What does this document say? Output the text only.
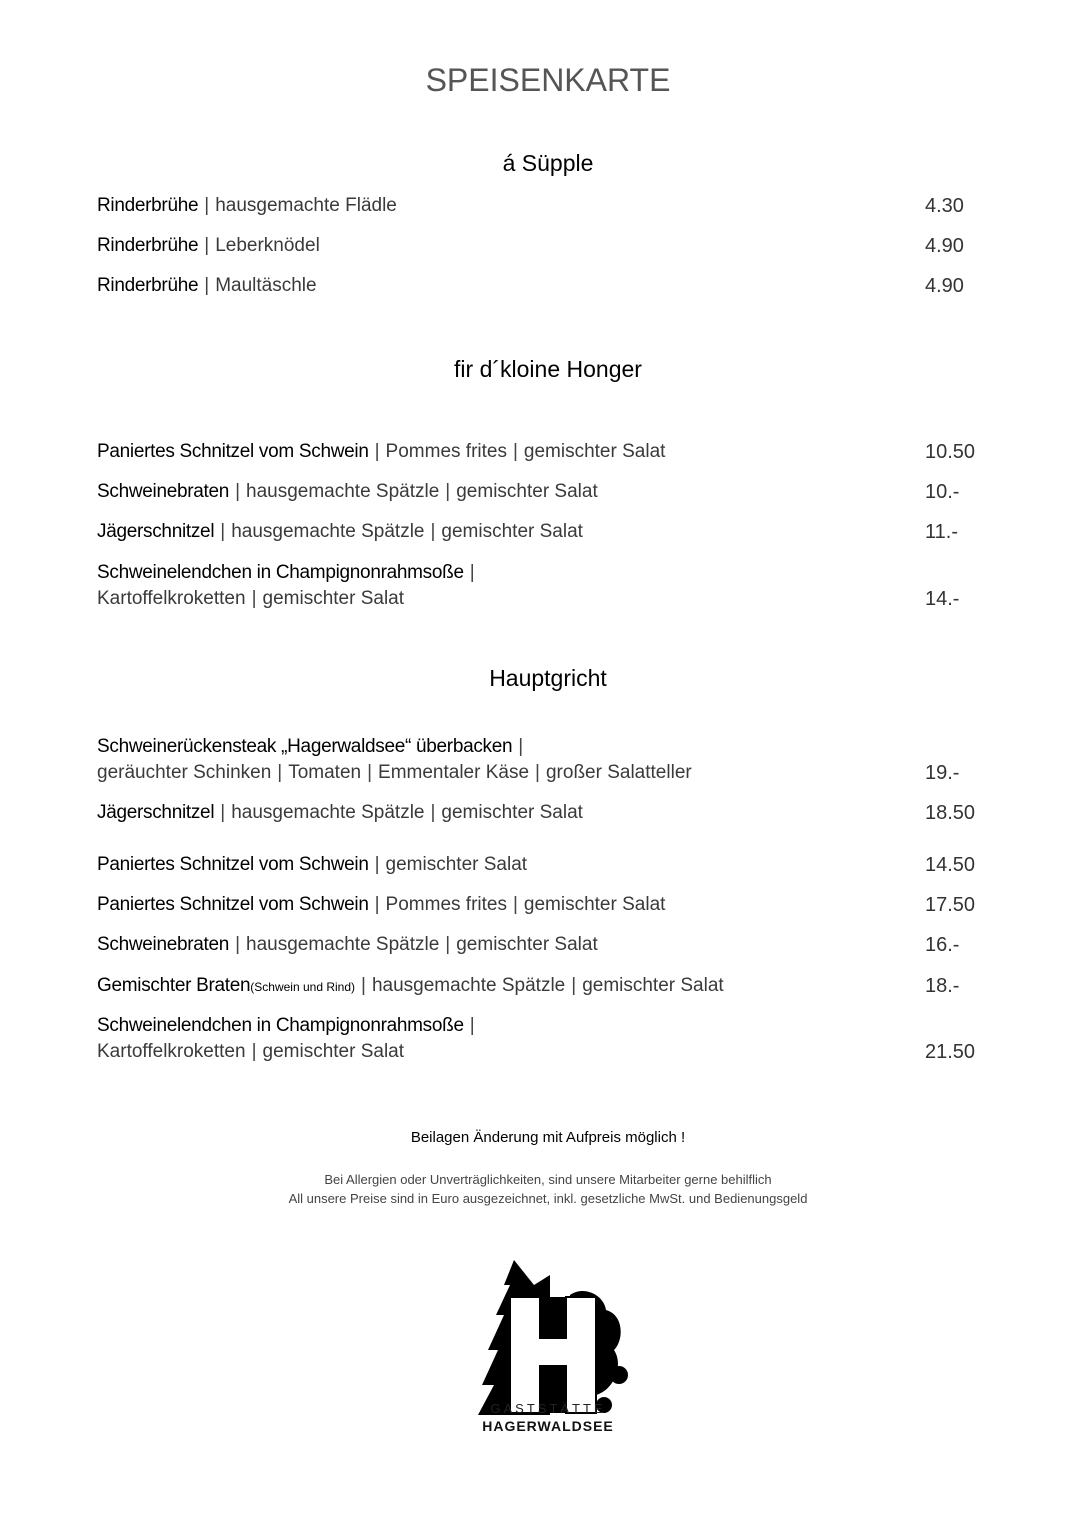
SPEISENKARTE
á Süpple
Rinderbrühe | hausgemachte Flädle	4.30
Rinderbrühe | Leberknödel	4.90
Rinderbrühe | Maultäschle	4.90
fir d´kloine Honger
Paniertes Schnitzel vom Schwein | Pommes frites | gemischter Salat	10.50
Schweinebraten | hausgemachte Spätzle | gemischter Salat	10.-
Jägerschnitzel | hausgemachte Spätzle | gemischter Salat	11.-
Schweinelendchen in Champignonrahmsoße |
Kartoffelkroketten | gemischter Salat	14.-
Hauptgricht
Schweinerückensteak „Hagerwaldsee“ überbacken |
geräuchter Schinken | Tomaten | Emmentaler Käse | großer Salatteller	19.-
Jägerschnitzel | hausgemachte Spätzle | gemischter Salat	18.50
Paniertes Schnitzel vom Schwein | gemischter Salat	14.50
Paniertes Schnitzel vom Schwein | Pommes frites | gemischter Salat	17.50
Schweinebraten | hausgemachte Spätzle | gemischter Salat	16.-
Gemischter Braten(Schwein und Rind) | hausgemachte Spätzle | gemischter Salat	18.-
Schweinelendchen in Champignonrahmsoße |
Kartoffelkroketten | gemischter Salat	21.50
Beilagen Änderung mit Aufpreis möglich !
Bei Allergien oder Unverträglichkeiten, sind unsere Mitarbeiter gerne behilflich
All unsere Preise sind in Euro ausgezeichnet, inkl. gesetzliche MwSt. und Bedienungsgeld
GASTSTÄTTE
HAGERWALDSEE
